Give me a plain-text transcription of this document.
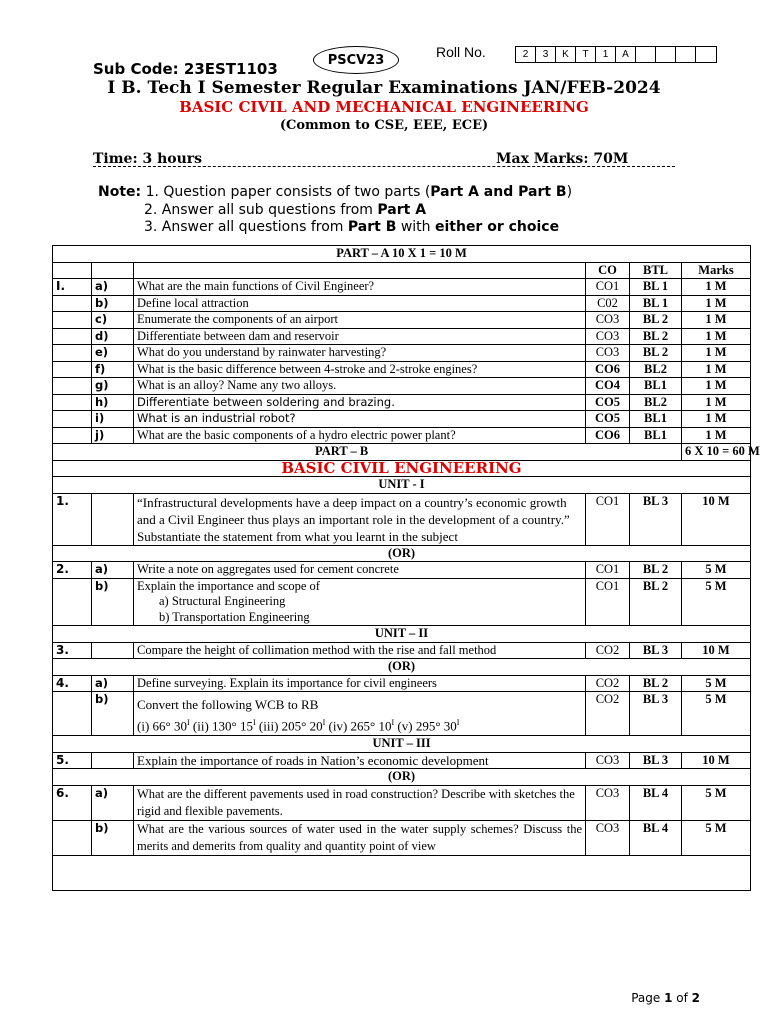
Sub Code: 23EST1103	PSCV23	Roll No.	2	3	K	T	1	A
I B. Tech I Semester Regular Examinations JAN/FEB-2024
BASIC CIVIL AND MECHANICAL ENGINEERING
(Common to CSE, EEE, ECE)
Time: 3 hours	Max Marks: 70M
Note: 1. Question paper consists of two parts (Part A and Part B)
2. Answer all sub questions from Part A
3. Answer all questions from Part B with either or choice
PART – A 10 X 1 = 10 M					
			CO	BTL	Marks
I.	a)	What are the main functions of Civil Engineer?	CO1	BL 1	1 M
	b)	Define local attraction	C02	BL 1	1 M
	c)	Enumerate the components of an airport	CO3	BL 2	1 M
	d)	Differentiate between dam and reservoir	CO3	BL 2	1 M
	e)	What do you understand by rainwater harvesting?	CO3	BL 2	1 M
	f)	What is the basic difference between 4-stroke and 2-stroke engines?	CO6	BL2	1 M
	g)	What is an alloy? Name any two alloys.	CO4	BL1	1 M
	h)	Differentiate between soldering and brazing.	CO5	BL2	1 M
	i)	What is an industrial robot?	CO5	BL1	1 M
	j)	What are the basic components of a hydro electric power plant?	CO6	BL1	1 M
PART – B					6 X 10 = 60 M
BASIC CIVIL ENGINEERING					
UNIT - I					
1.		“Infrastructural developments have a deep impact on a country’s economic growth and a Civil Engineer thus plays an important role in the development of a country.” Substantiate the statement from what you learnt in the subject	CO1	BL 3	10 M
(OR)					
2.	a)	Write a note on aggregates used for cement concrete	CO1	BL 2	5 M
	b)	Explain the importance and scope of
a) Structural Engineering
b) Transportation Engineering	CO1	BL 2	5 M
UNIT – II					
3.		Compare the height of collimation method with the rise and fall method	CO2	BL 3	10 M
(OR)					
4.	a)	Define surveying. Explain its importance for civil engineers	CO2	BL 2	5 M
	b)	Convert the following WCB to RB
(i) 66° $30^I$ (ii) 130° $15^I$ (iii) 205° $20^I$ (iv) 265° $10^I$ (v) 295° $30^I$	CO2	BL 3	5 M
UNIT – III					
5.		Explain the importance of roads in Nation’s economic development	CO3	BL 3	10 M
(OR)					
6.	a)	What are the different pavements used in road construction? Describe with sketches the rigid and flexible pavements.	CO3	BL 4	5 M
	b)	What are the various sources of water used in the water supply schemes? Discuss the merits and demerits from quality and quantity point of view	CO3	BL 4	5 M

Page 1 of 2
